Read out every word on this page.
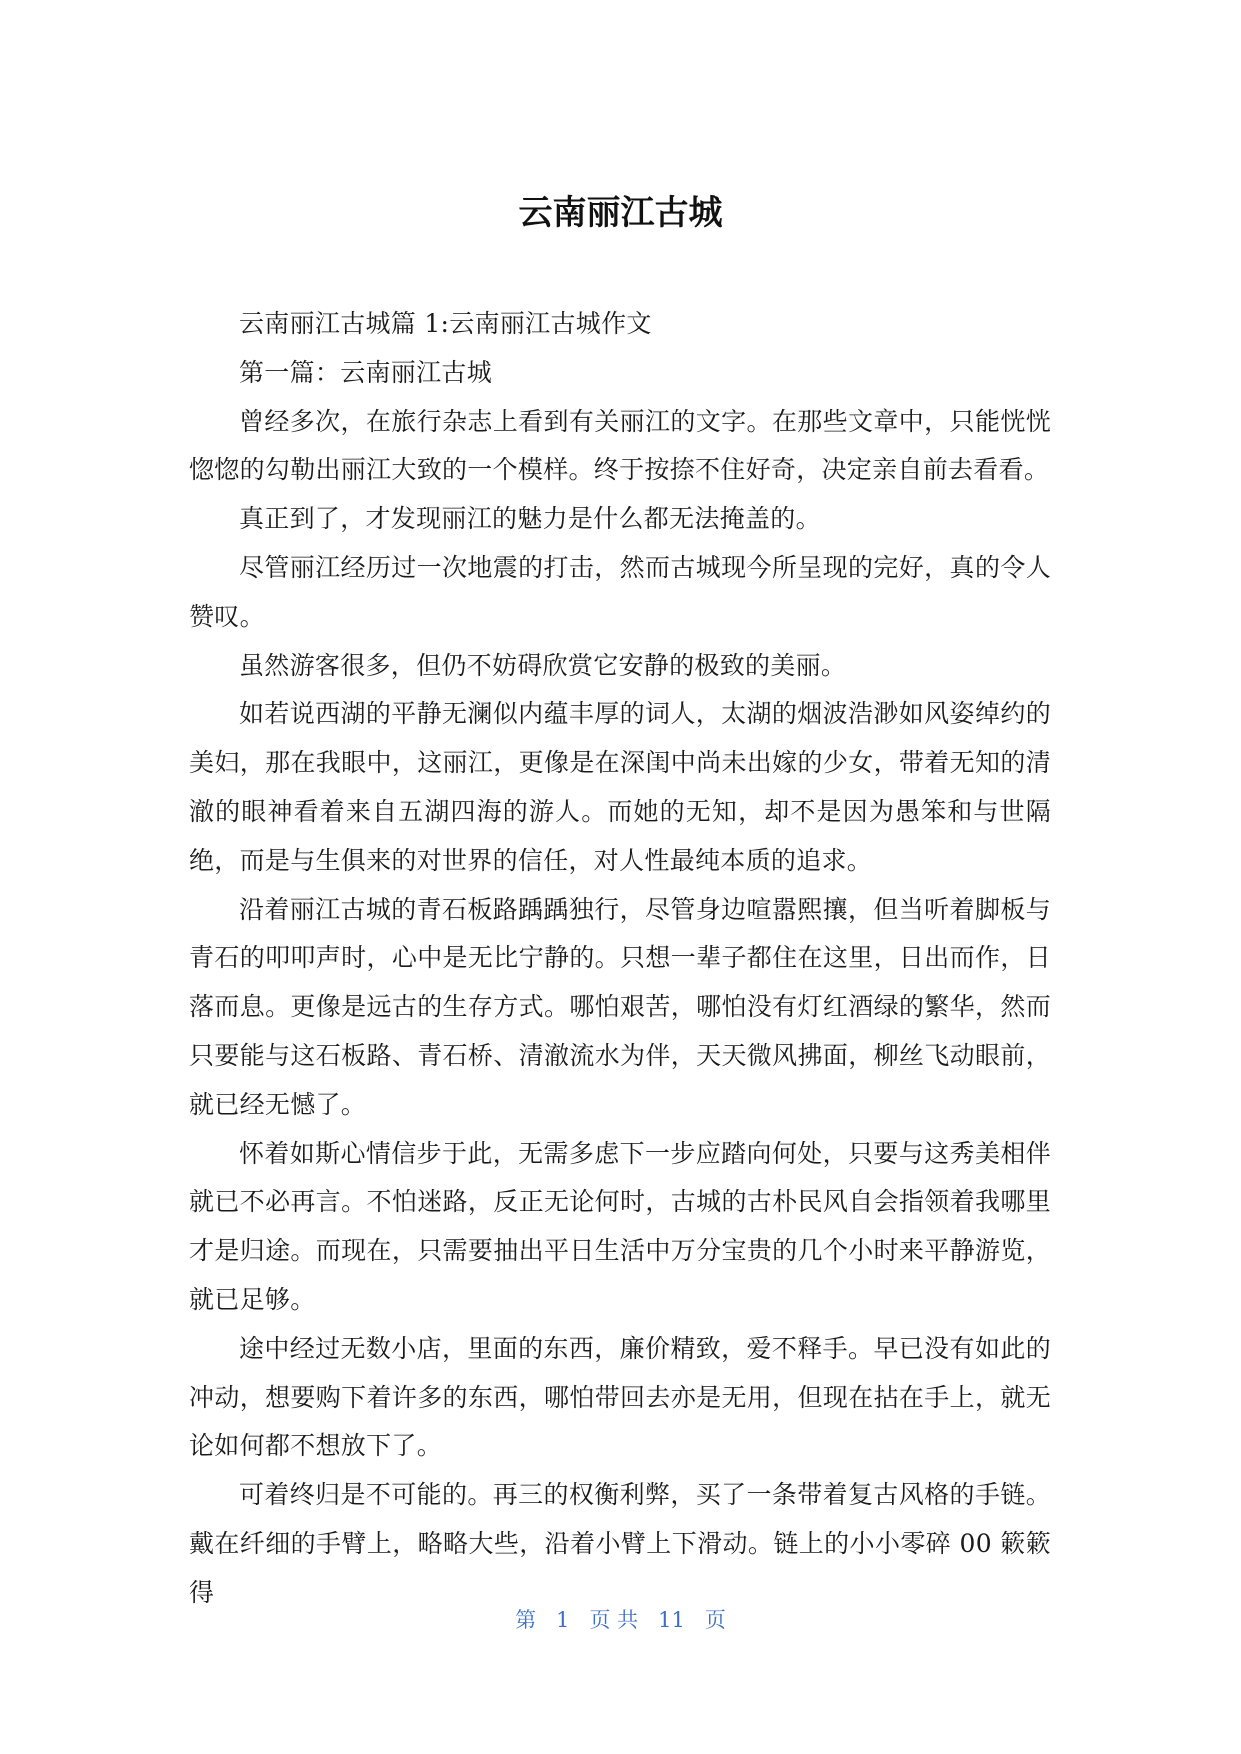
云南丽江古城

云南丽江古城篇 1:云南丽江古城作文

第一篇：云南丽江古城

曾经多次，在旅行杂志上看到有关丽江的文字。在那些文章中，只能恍恍惚惚的勾勒出丽江大致的一个模样。终于按捺不住好奇，决定亲自前去看看。

真正到了，才发现丽江的魅力是什么都无法掩盖的。

尽管丽江经历过一次地震的打击，然而古城现今所呈现的完好，真的令人赞叹。

虽然游客很多，但仍不妨碍欣赏它安静的极致的美丽。

如若说西湖的平静无澜似内蕴丰厚的词人，太湖的烟波浩渺如风姿绰约的美妇，那在我眼中，这丽江，更像是在深闺中尚未出嫁的少女，带着无知的清澈的眼神看着来自五湖四海的游人。而她的无知，却不是因为愚笨和与世隔绝，而是与生俱来的对世界的信任，对人性最纯本质的追求。

沿着丽江古城的青石板路踽踽独行，尽管身边喧嚣熙攘，但当听着脚板与青石的叩叩声时，心中是无比宁静的。只想一辈子都住在这里，日出而作，日落而息。更像是远古的生存方式。哪怕艰苦，哪怕没有灯红酒绿的繁华，然而只要能与这石板路、青石桥、清澈流水为伴，天天微风拂面，柳丝飞动眼前，就已经无憾了。

怀着如斯心情信步于此，无需多虑下一步应踏向何处，只要与这秀美相伴就已不必再言。不怕迷路，反正无论何时，古城的古朴民风自会指领着我哪里才是归途。而现在，只需要抽出平日生活中万分宝贵的几个小时来平静游览，就已足够。

途中经过无数小店，里面的东西，廉价精致，爱不释手。早已没有如此的冲动，想要购下着许多的东西，哪怕带回去亦是无用，但现在拈在手上，就无论如何都不想放下了。

可着终归是不可能的。再三的权衡利弊，买了一条带着复古风格的手链。戴在纤细的手臂上，略略大些，沿着小臂上下滑动。链上的小小零碎 00 簌簌得

第   1   页 共   11   页
